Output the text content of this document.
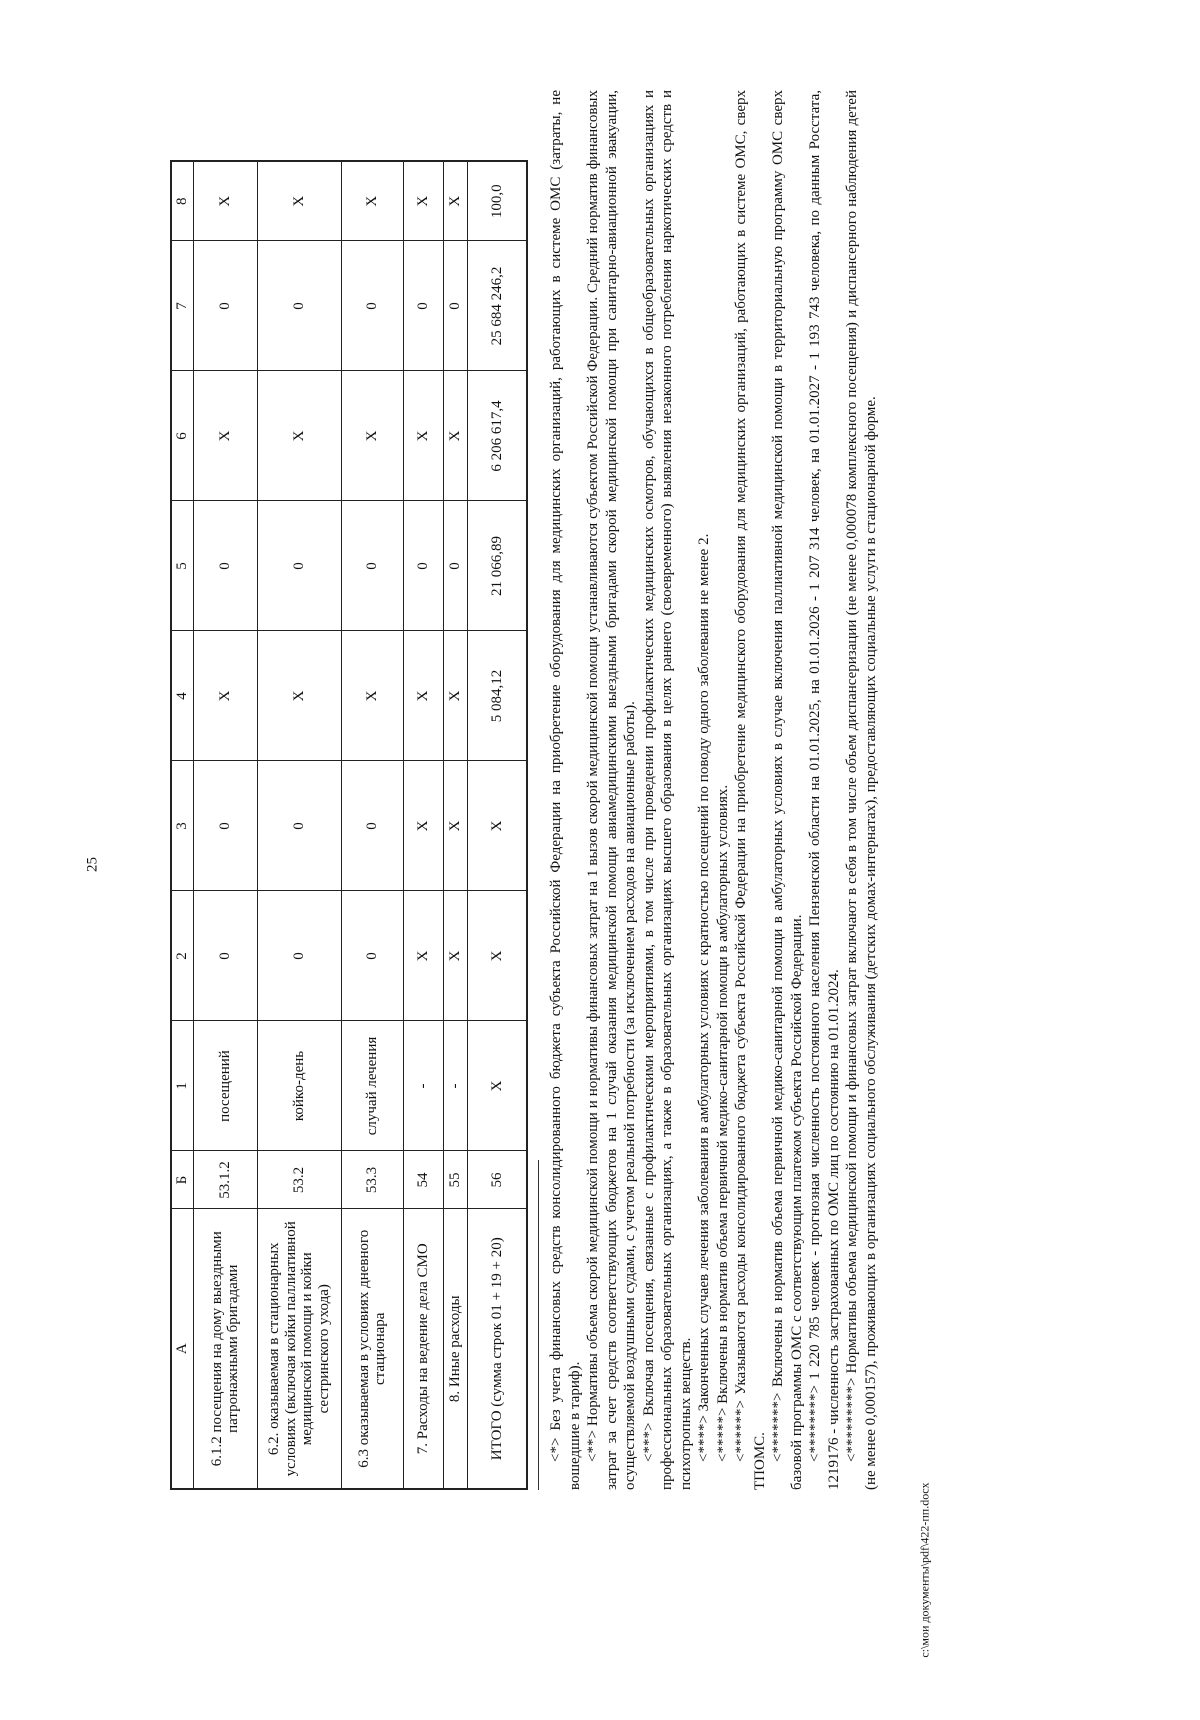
25
А	Б	1	2	3	4	5	6	7	8
6.1.2 посещения на дому выездными патронажными бригадами	53.1.2	посещений	0	0	Х	0	Х	0	Х
6.2. оказываемая в стационарных условиях (включая койки паллиативной медицинской помощи и койки сестринского ухода)	53.2	койко-день	0	0	Х	0	Х	0	Х
6.3 оказываемая в условиях дневного стационара	53.3	случай лечения	0	0	Х	0	Х	0	Х
7. Расходы на ведение дела СМО	54	-	Х	Х	Х	0	Х	0	Х
8. Иные расходы	55	-	Х	Х	Х	0	Х	0	Х
ИТОГО (сумма строк 01 + 19 + 20)	56	Х	Х	Х	5 084,12	21 066,89	6 206 617,4	25 684 246,2	100,0	<*> Без учета финансовых средств консолидированного бюджета субъекта Российской Федерации на приобретение оборудования для медицинских организаций, работающих в системе ОМС (затраты, не вошедшие в тариф). <**> Нормативы объема скорой медицинской помощи и нормативы финансовых затрат на 1 вызов скорой медицинской помощи устанавливаются субъектом Российской Федерации. Средний норматив финансовых затрат за счет средств соответствующих бюджетов на 1 случай оказания медицинской помощи авиамедицинскими выездными бригадами скорой медицинской помощи при санитарно-авиационной эвакуации, осуществляемой воздушными судами, с учетом реальной потребности (за исключением расходов на авиационные работы). <***> Включая посещения, связанные с профилактическими мероприятиями, в том числе при проведении профилактических медицинских осмотров, обучающихся в общеобразовательных организациях и профессиональных образовательных организациях, а также в образовательных организациях высшего образования в целях раннего (своевременного) выявления незаконного потребления наркотических средств и психотропных веществ. <****> Законченных случаев лечения заболевания в амбулаторных условиях с кратностью посещений по поводу одного заболевания не менее 2. <*****> Включены в норматив объема первичной медико-санитарной помощи в амбулаторных условиях. <******> Указываются расходы консолидированного бюджета субъекта Российской Федерации на приобретение медицинского оборудования для медицинских организаций, работающих в системе ОМС, сверх ТПОМС. <*******> Включены в норматив объема первичной медико-санитарной помощи в амбулаторных условиях в случае включения паллиативной медицинской помощи в территориальную программу ОМС сверх базовой программы ОМС с соответствующим платежом субъекта Российской Федерации. <********> 1 220 785 человек - прогнозная численность постоянного населения Пензенской области на 01.01.2025, на 01.01.2026 - 1 207 314 человек, на 01.01.2027 - 1 193 743 человека, по данным Росстата, 1219176 - численность застрахованных по ОМС лиц по состоянию на 01.01.2024. <*********> Нормативы объема медицинской помощи и финансовых затрат включают в себя в том числе объем диспансеризации (не менее 0,000078 комплексного посещения) и диспансерного наблюдения детей (не менее 0,000157), проживающих в организациях социального обслуживания (детских домах-интернатах), предоставляющих социальные услуги в стационарной форме.

c:\мои документы\pdf\422-пп.docx
